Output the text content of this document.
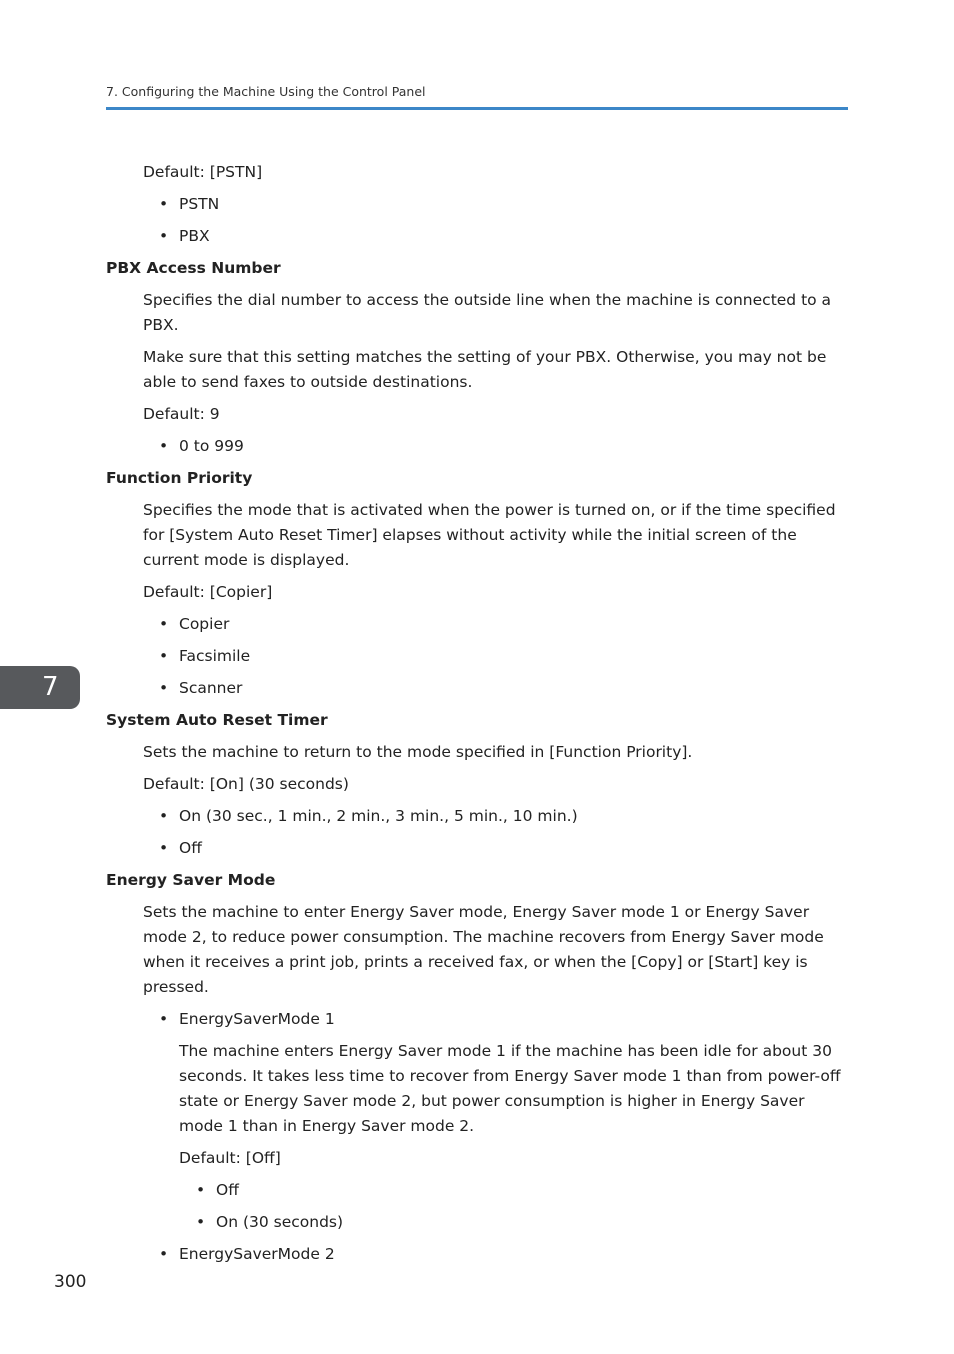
7. Configuring the Machine Using the Control Panel
7

Default: [PSTN]

• PSTN
• PBX
PBX Access Number

Specifies the dial number to access the outside line when the machine is connected to a PBX.

Make sure that this setting matches the setting of your PBX. Otherwise, you may not be able to send faxes to outside destinations.

Default: 9

• 0 to 999
Function Priority

Specifies the mode that is activated when the power is turned on, or if the time specified for [System Auto Reset Timer] elapses without activity while the initial screen of the current mode is displayed.

Default: [Copier]

• Copier
• Facsimile
• Scanner
System Auto Reset Timer

Sets the machine to return to the mode specified in [Function Priority].

Default: [On] (30 seconds)

• On (30 sec., 1 min., 2 min., 3 min., 5 min., 10 min.)
• Off
Energy Saver Mode

Sets the machine to enter Energy Saver mode, Energy Saver mode 1 or Energy Saver mode 2, to reduce power consumption. The machine recovers from Energy Saver mode when it receives a print job, prints a received fax, or when the [Copy] or [Start] key is pressed.

• EnergySaverMode 1

The machine enters Energy Saver mode 1 if the machine has been idle for about 30 seconds. It takes less time to recover from Energy Saver mode 1 than from power-off state or Energy Saver mode 2, but power consumption is higher in Energy Saver mode 1 than in Energy Saver mode 2.

Default: [Off]

• Off
• On (30 seconds)
• EnergySaverMode 2
300
